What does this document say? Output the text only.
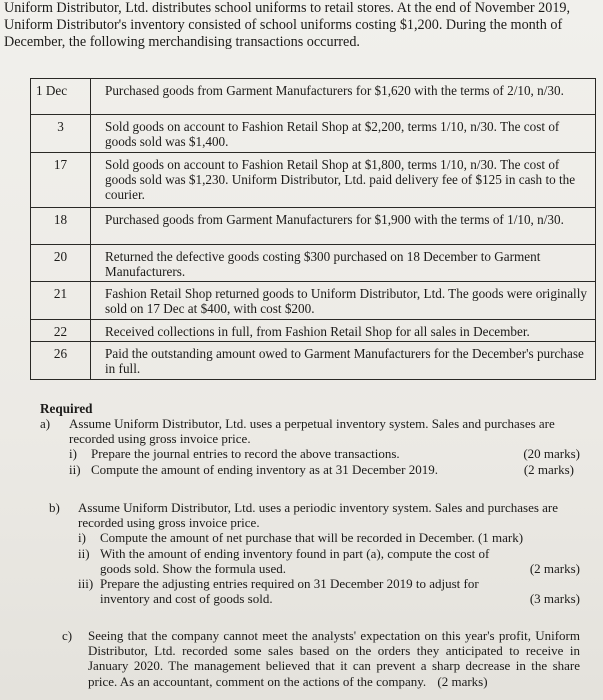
Uniform Distributor, Ltd. distributes school uniforms to retail stores. At the end of November 2019, Uniform Distributor's inventory consisted of school uniforms costing $1,200. During the month of December, the following merchandising transactions occurred.

1 Dec	Purchased goods from Garment Manufacturers for $1,620 with the terms of 2/10, n/30.
3	Sold goods on account to Fashion Retail Shop at $2,200, terms 1/10, n/30. The cost of goods sold was $1,400.
17	Sold goods on account to Fashion Retail Shop at $1,800, terms 1/10, n/30. The cost of goods sold was $1,230. Uniform Distributor, Ltd. paid delivery fee of $125 in cash to the courier.
18	Purchased goods from Garment Manufacturers for $1,900 with the terms of 1/10, n/30.
20	Returned the defective goods costing $300 purchased on 18 December to Garment Manufacturers.
21	Fashion Retail Shop returned goods to Uniform Distributor, Ltd. The goods were originally sold on 17 Dec at $400, with cost $200.
22	Received collections in full, from Fashion Retail Shop for all sales in December.
26	Paid the outstanding amount owed to Garment Manufacturers for the December's purchase in full.

Required

a) Assume Uniform Distributor, Ltd. uses a perpetual inventory system. Sales and purchases are recorded using gross invoice price.
i) Prepare the journal entries to record the above transactions.	(20 marks)
ii) Compute the amount of ending inventory as at 31 December 2019.	(2 marks)
b) Assume Uniform Distributor, Ltd. uses a periodic inventory system. Sales and purchases are recorded using gross invoice price.
i) Compute the amount of net purchase that will be recorded in December. (1 mark)
ii) With the amount of ending inventory found in part (a), compute the cost of goods sold. Show the formula used.	(2 marks)
iii) Prepare the adjusting entries required on 31 December 2019 to adjust for inventory and cost of goods sold.	(3 marks)
c) Seeing that the company cannot meet the analysts' expectation on this year's profit, Uniform Distributor, Ltd. recorded some sales based on the orders they anticipated to receive in January 2020. The management believed that it can prevent a sharp decrease in the share price. As an accountant, comment on the actions of the company. (2 marks)
